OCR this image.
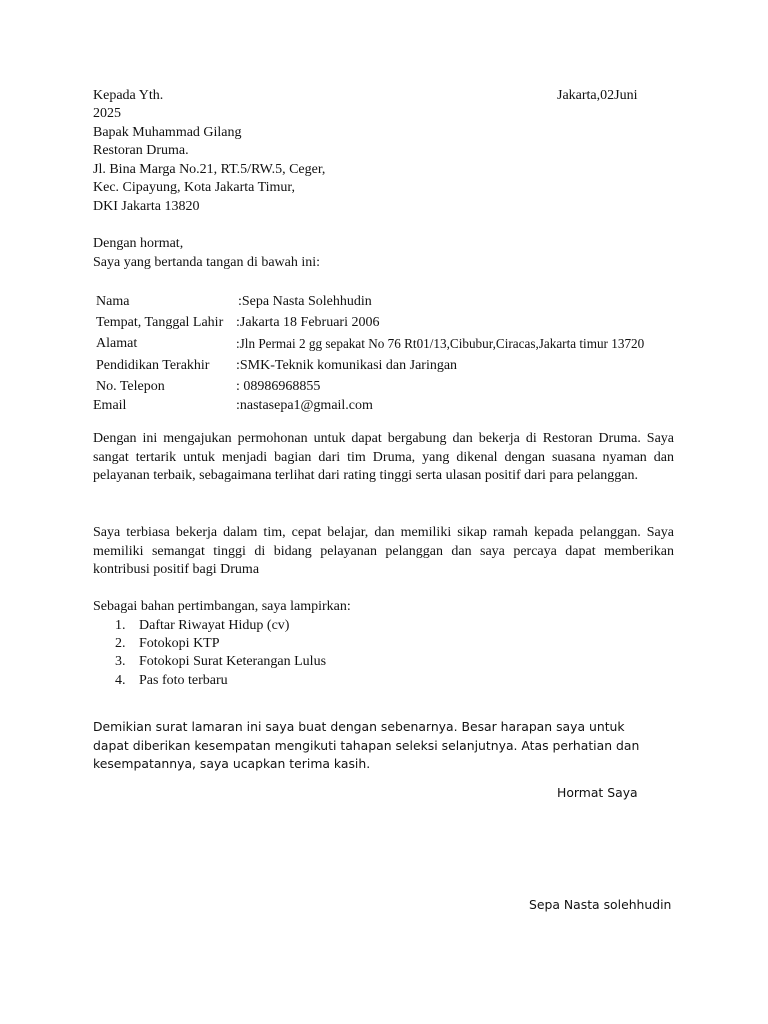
Kepada Yth.	Jakarta,02Juni
2025
Bapak Muhammad Gilang
Restoran Druma.
Jl. Bina Marga No.21, RT.5/RW.5, Ceger,
Kec. Cipayung, Kota Jakarta Timur,
DKI Jakarta 13820
Dengan hormat,
Saya yang bertanda tangan di bawah ini:
Nama	:Sepa Nasta Solehhudin
Tempat, Tanggal Lahir :Jakarta 18 Februari 2006
Alamat	:Jln Permai 2 gg sepakat No 76 Rt01/13,Cibubur,Ciracas,Jakarta timur 13720
Pendidikan Terakhir :SMK-Teknik komunikasi dan Jaringan
No. Telepon	: 08986968855
Email	:nastasepa1@gmail.com
Dengan ini mengajukan permohonan untuk dapat bergabung dan bekerja di Restoran Druma. Saya sangat tertarik untuk menjadi bagian dari tim Druma, yang dikenal dengan suasana nyaman dan pelayanan terbaik, sebagaimana terlihat dari rating tinggi serta ulasan positif dari para pelanggan.
Saya terbiasa bekerja dalam tim, cepat belajar, dan memiliki sikap ramah kepada pelanggan. Saya memiliki semangat tinggi di bidang pelayanan pelanggan dan saya percaya dapat memberikan kontribusi positif bagi Druma
Sebagai bahan pertimbangan, saya lampirkan:
1. Daftar Riwayat Hidup (cv)
2. Fotokopi KTP
3. Fotokopi Surat Keterangan Lulus
4. Pas foto terbaru
Demikian surat lamaran ini saya buat dengan sebenarnya. Besar harapan saya untuk dapat diberikan kesempatan mengikuti tahapan seleksi selanjutnya. Atas perhatian dan kesempatannya, saya ucapkan terima kasih.
Hormat Saya
Sepa Nasta solehhudin
